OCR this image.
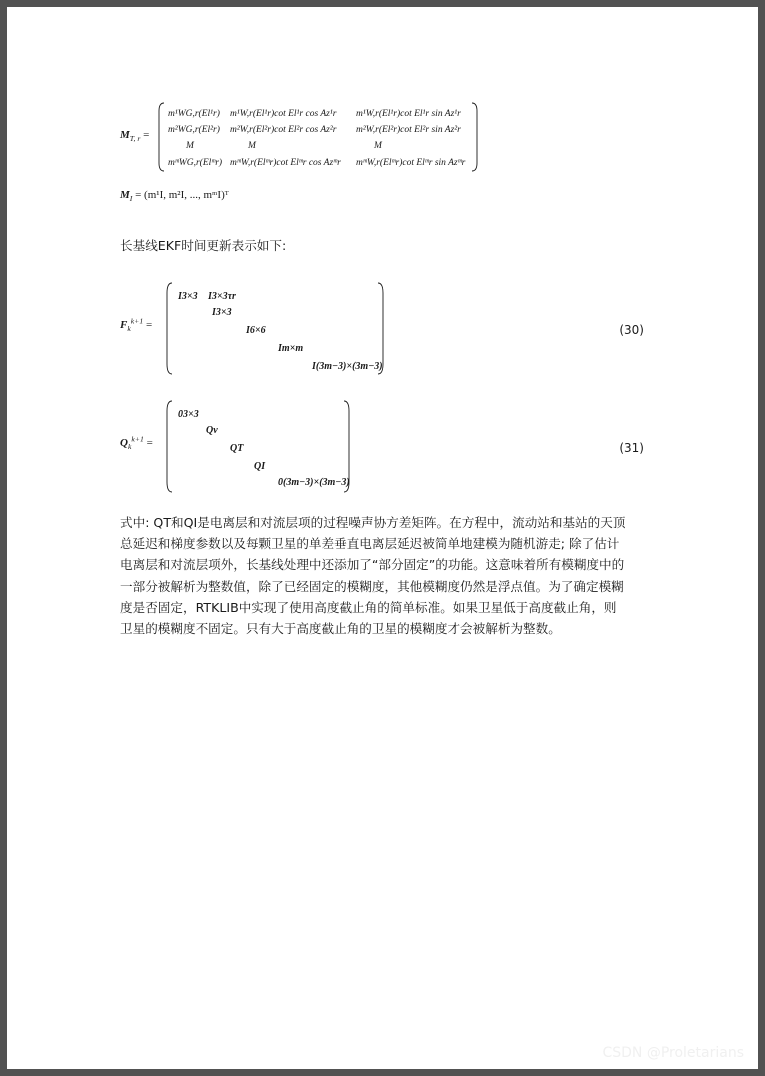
$M_{T, r}$ =
m¹WG,r(El¹r) m¹W,r(El¹r)cot El¹r cos Az¹r m¹W,r(El¹r)cot El¹r sin Az¹r
m²WG,r(El²r) m²W,r(El²r)cot El²r cos Az²r m²W,r(El²r)cot El²r sin Az²r
M	M	M
mᵐWG,r(Elᵐr) mᵐW,r(Elᵐr)cot Elᵐr cos Azᵐr mᵐW,r(Elᵐr)cot Elᵐr sin Azᵐr
$M_I = (m^1I$, m²I, ..., mᵐI)ᵀ
长基线EKF时间更新表示如下:
$F_k^{k+1}$ =
I3×3 I3×3τr
I3×3
I6×6
Im×m
I(3m−3)×(3m−3)
(30)
$Q_k^{k+1}$ =
03×3
Qv
QT
QI
0(3m−3)×(3m−3)
(31)
式中: QT和QI是电离层和对流层项的过程噪声协方差矩阵。在方程中，流动站和基站的天顶
总延迟和梯度参数以及每颗卫星的单差垂直电离层延迟被简单地建模为随机游走; 除了估计
电离层和对流层项外，长基线处理中还添加了“部分固定”的功能。这意味着所有模糊度中的
一部分被解析为整数值，除了已经固定的模糊度，其他模糊度仍然是浮点值。为了确定模糊
度是否固定，RTKLIB中实现了使用高度截止角的简单标准。如果卫星低于高度截止角，则
卫星的模糊度不固定。只有大于高度截止角的卫星的模糊度才会被解析为整数。
CSDN @Proletarians
